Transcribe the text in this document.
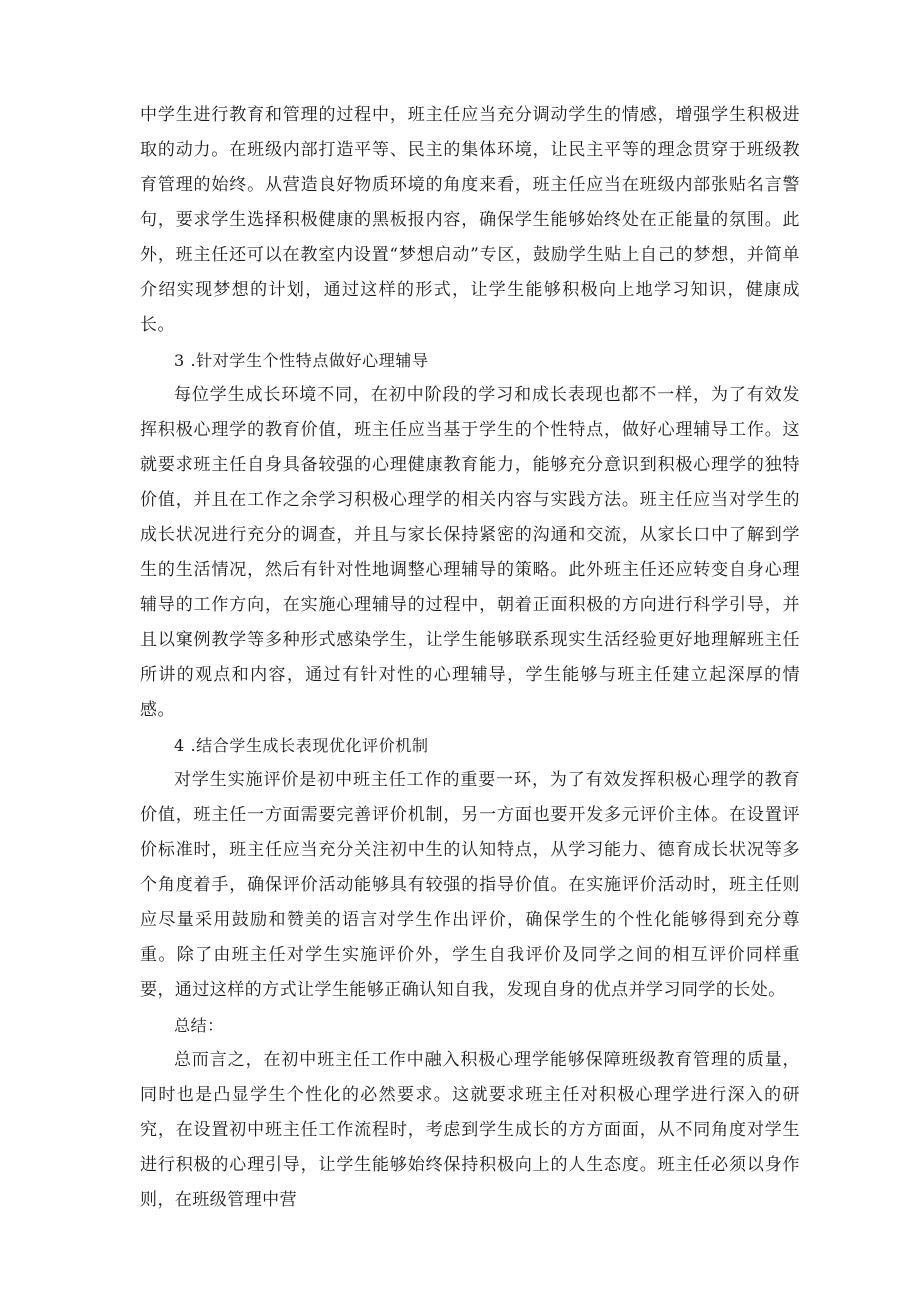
中学生进行教育和管理的过程中，班主任应当充分调动学生的情感，增强学生积极进取的动力。在班级内部打造平等、民主的集体环境，让民主平等的理念贯穿于班级教育管理的始终。从营造良好物质环境的角度来看，班主任应当在班级内部张贴名言警句，要求学生选择积极健康的黑板报内容，确保学生能够始终处在正能量的氛围。此外，班主任还可以在教室内设置“梦想启动”专区，鼓励学生贴上自己的梦想，并简单介绍实现梦想的计划，通过这样的形式，让学生能够积极向上地学习知识，健康成长。

3 .针对学生个性特点做好心理辅导

每位学生成长环境不同，在初中阶段的学习和成长表现也都不一样，为了有效发挥积极心理学的教育价值，班主任应当基于学生的个性特点，做好心理辅导工作。这就要求班主任自身具备较强的心理健康教育能力，能够充分意识到积极心理学的独特价值，并且在工作之余学习积极心理学的相关内容与实践方法。班主任应当对学生的成长状况进行充分的调查，并且与家长保持紧密的沟通和交流，从家长口中了解到学生的生活情况，然后有针对性地调整心理辅导的策略。此外班主任还应转变自身心理辅导的工作方向，在实施心理辅导的过程中，朝着正面积极的方向进行科学引导，并且以窠例教学等多种形式感染学生，让学生能够联系现实生活经验更好地理解班主任所讲的观点和内容，通过有针对性的心理辅导，学生能够与班主任建立起深厚的情感。

4 .结合学生成长表现优化评价机制

对学生实施评价是初中班主任工作的重要一环，为了有效发挥积极心理学的教育价值，班主任一方面需要完善评价机制，另一方面也要开发多元评价主体。在设置评价标准时，班主任应当充分关注初中生的认知特点，从学习能力、德育成长状况等多个角度着手，确保评价活动能够具有较强的指导价值。在实施评价活动时，班主任则应尽量采用鼓励和赞美的语言对学生作出评价，确保学生的个性化能够得到充分尊重。除了由班主任对学生实施评价外，学生自我评价及同学之间的相互评价同样重要，通过这样的方式让学生能够正确认知自我，发现自身的优点并学习同学的长处。

总结：

总而言之，在初中班主任工作中融入积极心理学能够保障班级教育管理的质量，同时也是凸显学生个性化的必然要求。这就要求班主任对积极心理学进行深入的研究，在设置初中班主任工作流程时，考虑到学生成长的方方面面，从不同角度对学生进行积极的心理引导，让学生能够始终保持积极向上的人生态度。班主任必须以身作则，在班级管理中营
